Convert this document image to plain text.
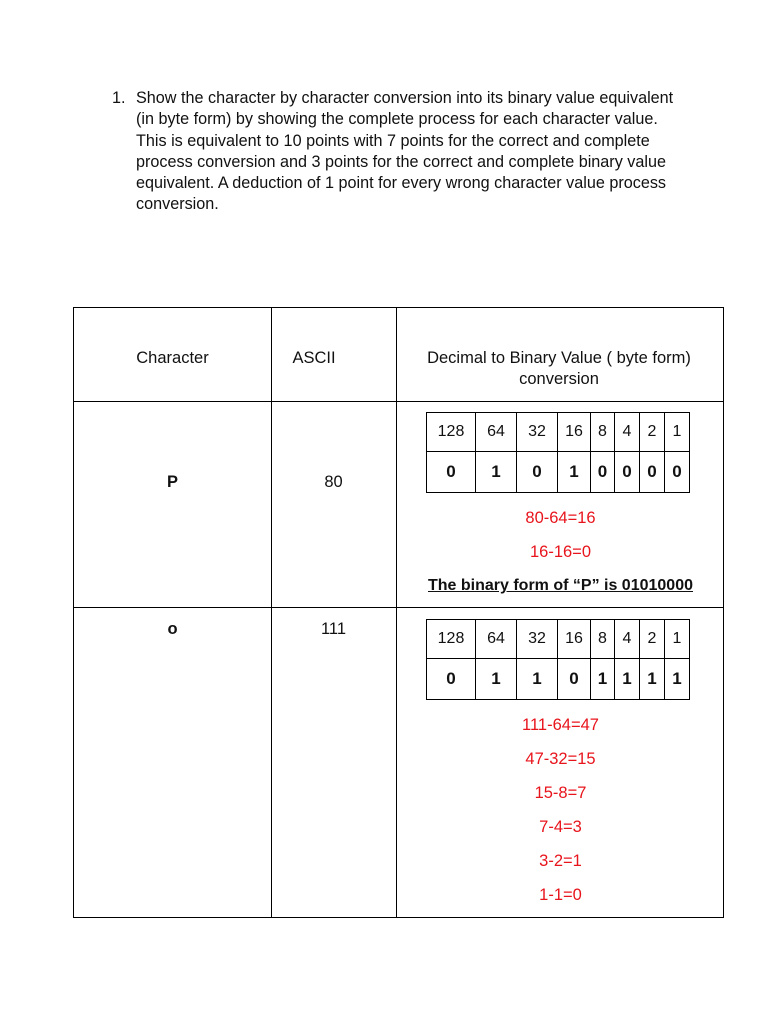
1. Show the character by character conversion into its binary value equivalent (in byte form) by showing the complete process for each character value. This is equivalent to 10 points with 7 points for the correct and complete process conversion and 3 points for the correct and complete binary value equivalent. A deduction of 1 point for every wrong character value process conversion.
Character	ASCII	Decimal to Binary Value ( byte form) conversion
P	80
128	64	32	16	8	4	2	1
0	1	0	1	0	0	0	0
80-64=16
16-16=0
The binary form of “P” is 01010000
o	111
128	64	32	16	8	4	2	1
0	1	1	0	1	1	1	1
111-64=47
47-32=15
15-8=7
7-4=3
3-2=1
1-1=0
